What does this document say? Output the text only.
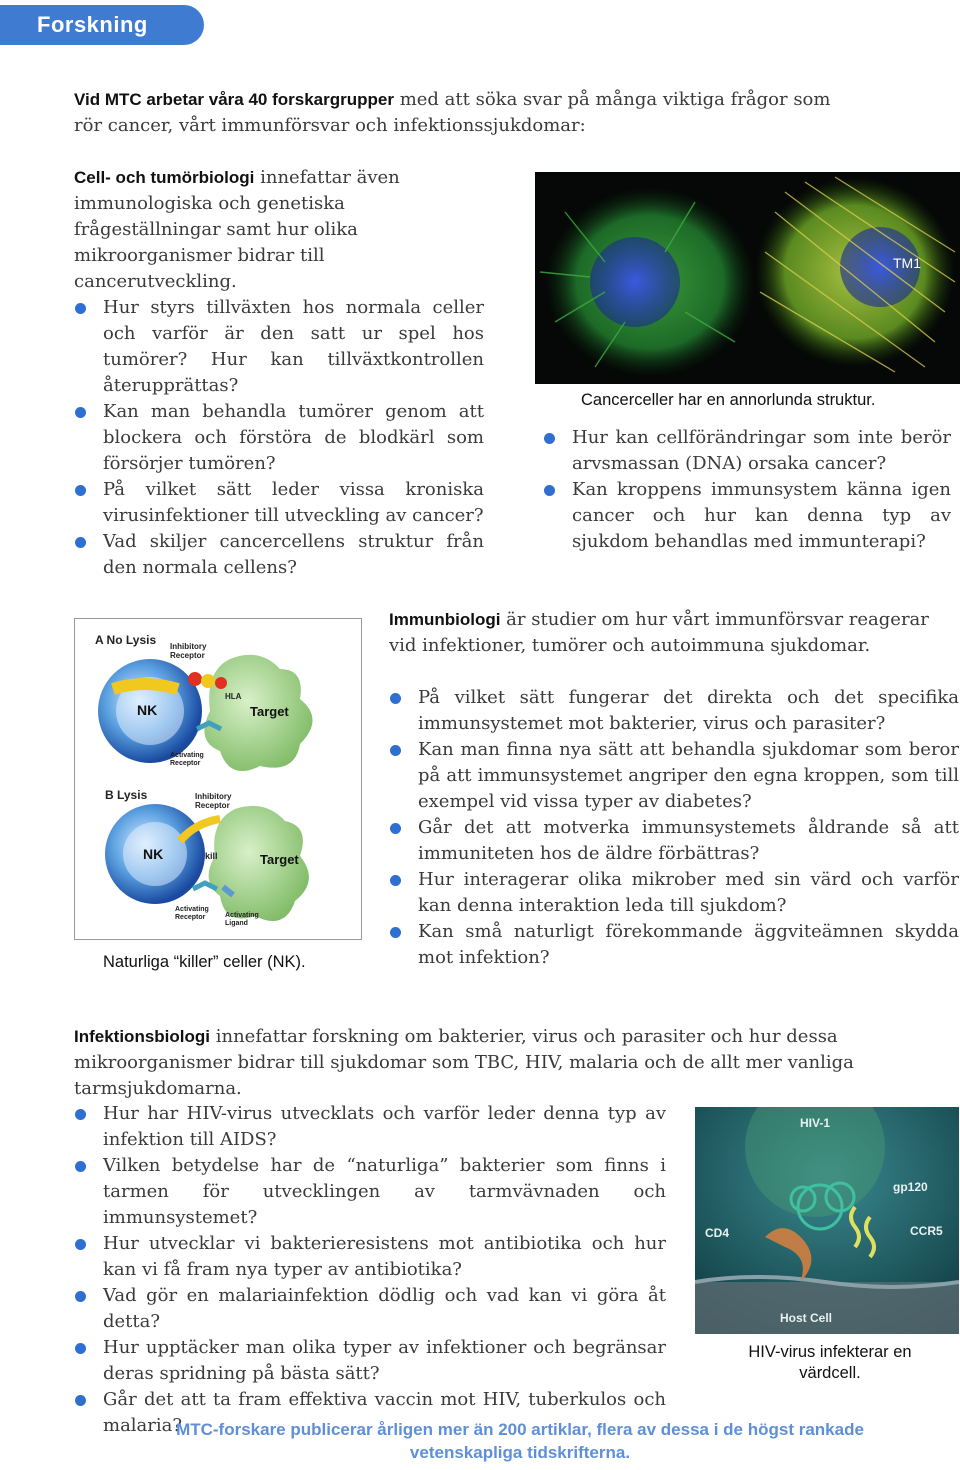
Forskning
Vid MTC arbetar våra 40 forskargrupper med att söka svar på många viktiga frågor som rör cancer, vårt immunförsvar och infektionssjukdomar:
Cell- och tumörbiologi innefattar även immunologiska och genetiska frågeställningar samt hur olika mikroorganismer bidrar till cancerutveckling.
Hur styrs tillväxten hos normala celler och varför är den satt ur spel hos tumörer? Hur kan tillväxtkontrollen återupprättas?
Kan man behandla tumörer genom att blockera och förstöra de blodkärl som försörjer tumören?
På vilket sätt leder vissa kroniska virusinfektioner till utveckling av cancer?
Vad skiljer cancercellens struktur från den normala cellens?
TM1
Cancerceller har en annorlunda struktur.
Hur kan cellförändringar som inte berör arvsmassan (DNA) orsaka cancer?
Kan kroppens immunsystem känna igen cancer och hur kan denna typ av sjukdom behandlas med immunterapi?
A No Lysis
NK	Target
Inhibitory Receptor
HLA
Activating Receptor
B Lysis
NK	Target
Inhibitory Receptor
kill
Activating Receptor	Activating Ligand
Naturliga “killer” celler (NK).
Immunbiologi är studier om hur vårt immunförsvar reagerar vid infektioner, tumörer och autoimmuna sjukdomar.
På vilket sätt fungerar det direkta och det specifika immunsystemet mot bakterier, virus och parasiter?
Kan man finna nya sätt att behandla sjukdomar som beror på att immunsystemet angriper den egna kroppen, som till exempel vid vissa typer av diabetes?
Går det att motverka immunsystemets åldrande så att immuniteten hos de äldre förbättras?
Hur interagerar olika mikrober med sin värd och varför kan denna interaktion leda till sjukdom?
Kan små naturligt förekommande äggviteämnen skydda mot infektion?
Infektionsbiologi innefattar forskning om bakterier, virus och parasiter och hur dessa mikroorganismer bidrar till sjukdomar som TBC, HIV, malaria och de allt mer vanliga tarmsjukdomarna.
Hur har HIV-virus utvecklats och varför leder denna typ av infektion till AIDS?
Vilken betydelse har de “naturliga” bakterier som finns i tarmen för utvecklingen av tarmvävnaden och immunsystemet?
Hur utvecklar vi bakterieresistens mot antibiotika och hur kan vi få fram nya typer av antibiotika?
Vad gör en malariainfektion dödlig och vad kan vi göra åt detta?
Hur upptäcker man olika typer av infektioner och begränsar deras spridning på bästa sätt?
Går det att ta fram effektiva vaccin mot HIV, tuberkulos och malaria?
HIV-1
gp120
CD4	CCR5
Host Cell
HIV-virus infekterar en värdcell.
MTC-forskare publicerar årligen mer än 200 artiklar, flera av dessa i de högst rankade vetenskapliga tidskrifterna.
